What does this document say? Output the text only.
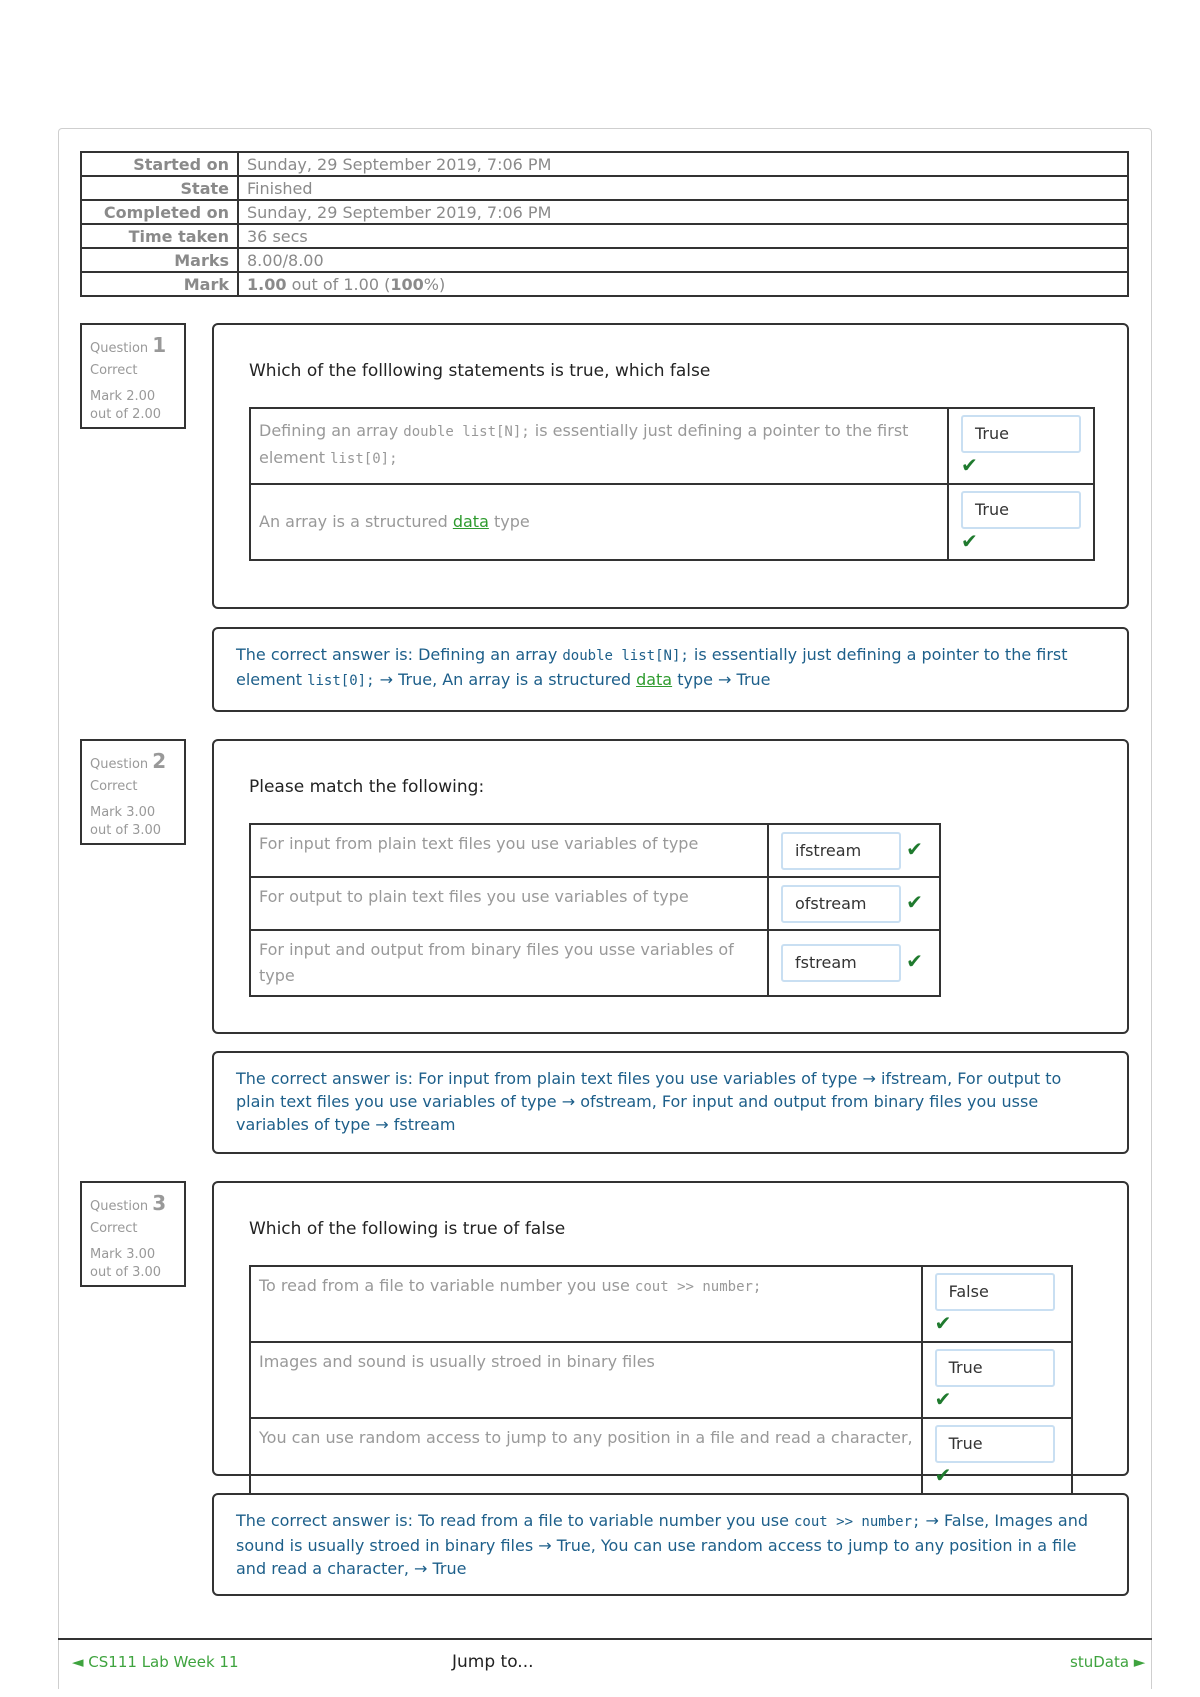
Started on	Sunday, 29 September 2019, 7:06 PM
State	Finished
Completed on	Sunday, 29 September 2019, 7:06 PM
Time taken	36 secs
Marks	8.00/8.00
Mark	1.00 out of 1.00 (100%)
Question 1
Correct
Mark 2.00 out of 2.00
Which of the folllowing statements is true, which false
Defining an array double list[N]; is essentially just defining a pointer to the first element list[0];	True
✔
An array is a structured data type	True
✔
The correct answer is: Defining an array double list[N]; is essentially just defining a pointer to the first element list[0]; → True, An array is a structured data type → True
Question 2
Correct
Mark 3.00 out of 3.00
Please match the following:
For input from plain text files you use variables of type	ifstream ✔
For output to plain text files you use variables of type	ofstream ✔
For input and output from binary files you usse variables of type	fstream ✔
The correct answer is: For input from plain text files you use variables of type → ifstream, For output to plain text files you use variables of type → ofstream, For input and output from binary files you usse variables of type → fstream
Question 3
Correct
Mark 3.00 out of 3.00
Which of the following is true of false
To read from a file to variable number you use cout >> number;	False ✔
Images and sound is usually stroed in binary files	True ✔
You can use random access to jump to any position in a file and read a character,	True ✔
The correct answer is: To read from a file to variable number you use cout >> number; → False, Images and sound is usually stroed in binary files → True, You can use random access to jump to any position in a file and read a character, → True
◄ CS111 Lab Week 11	Jump to...	stuData ►
